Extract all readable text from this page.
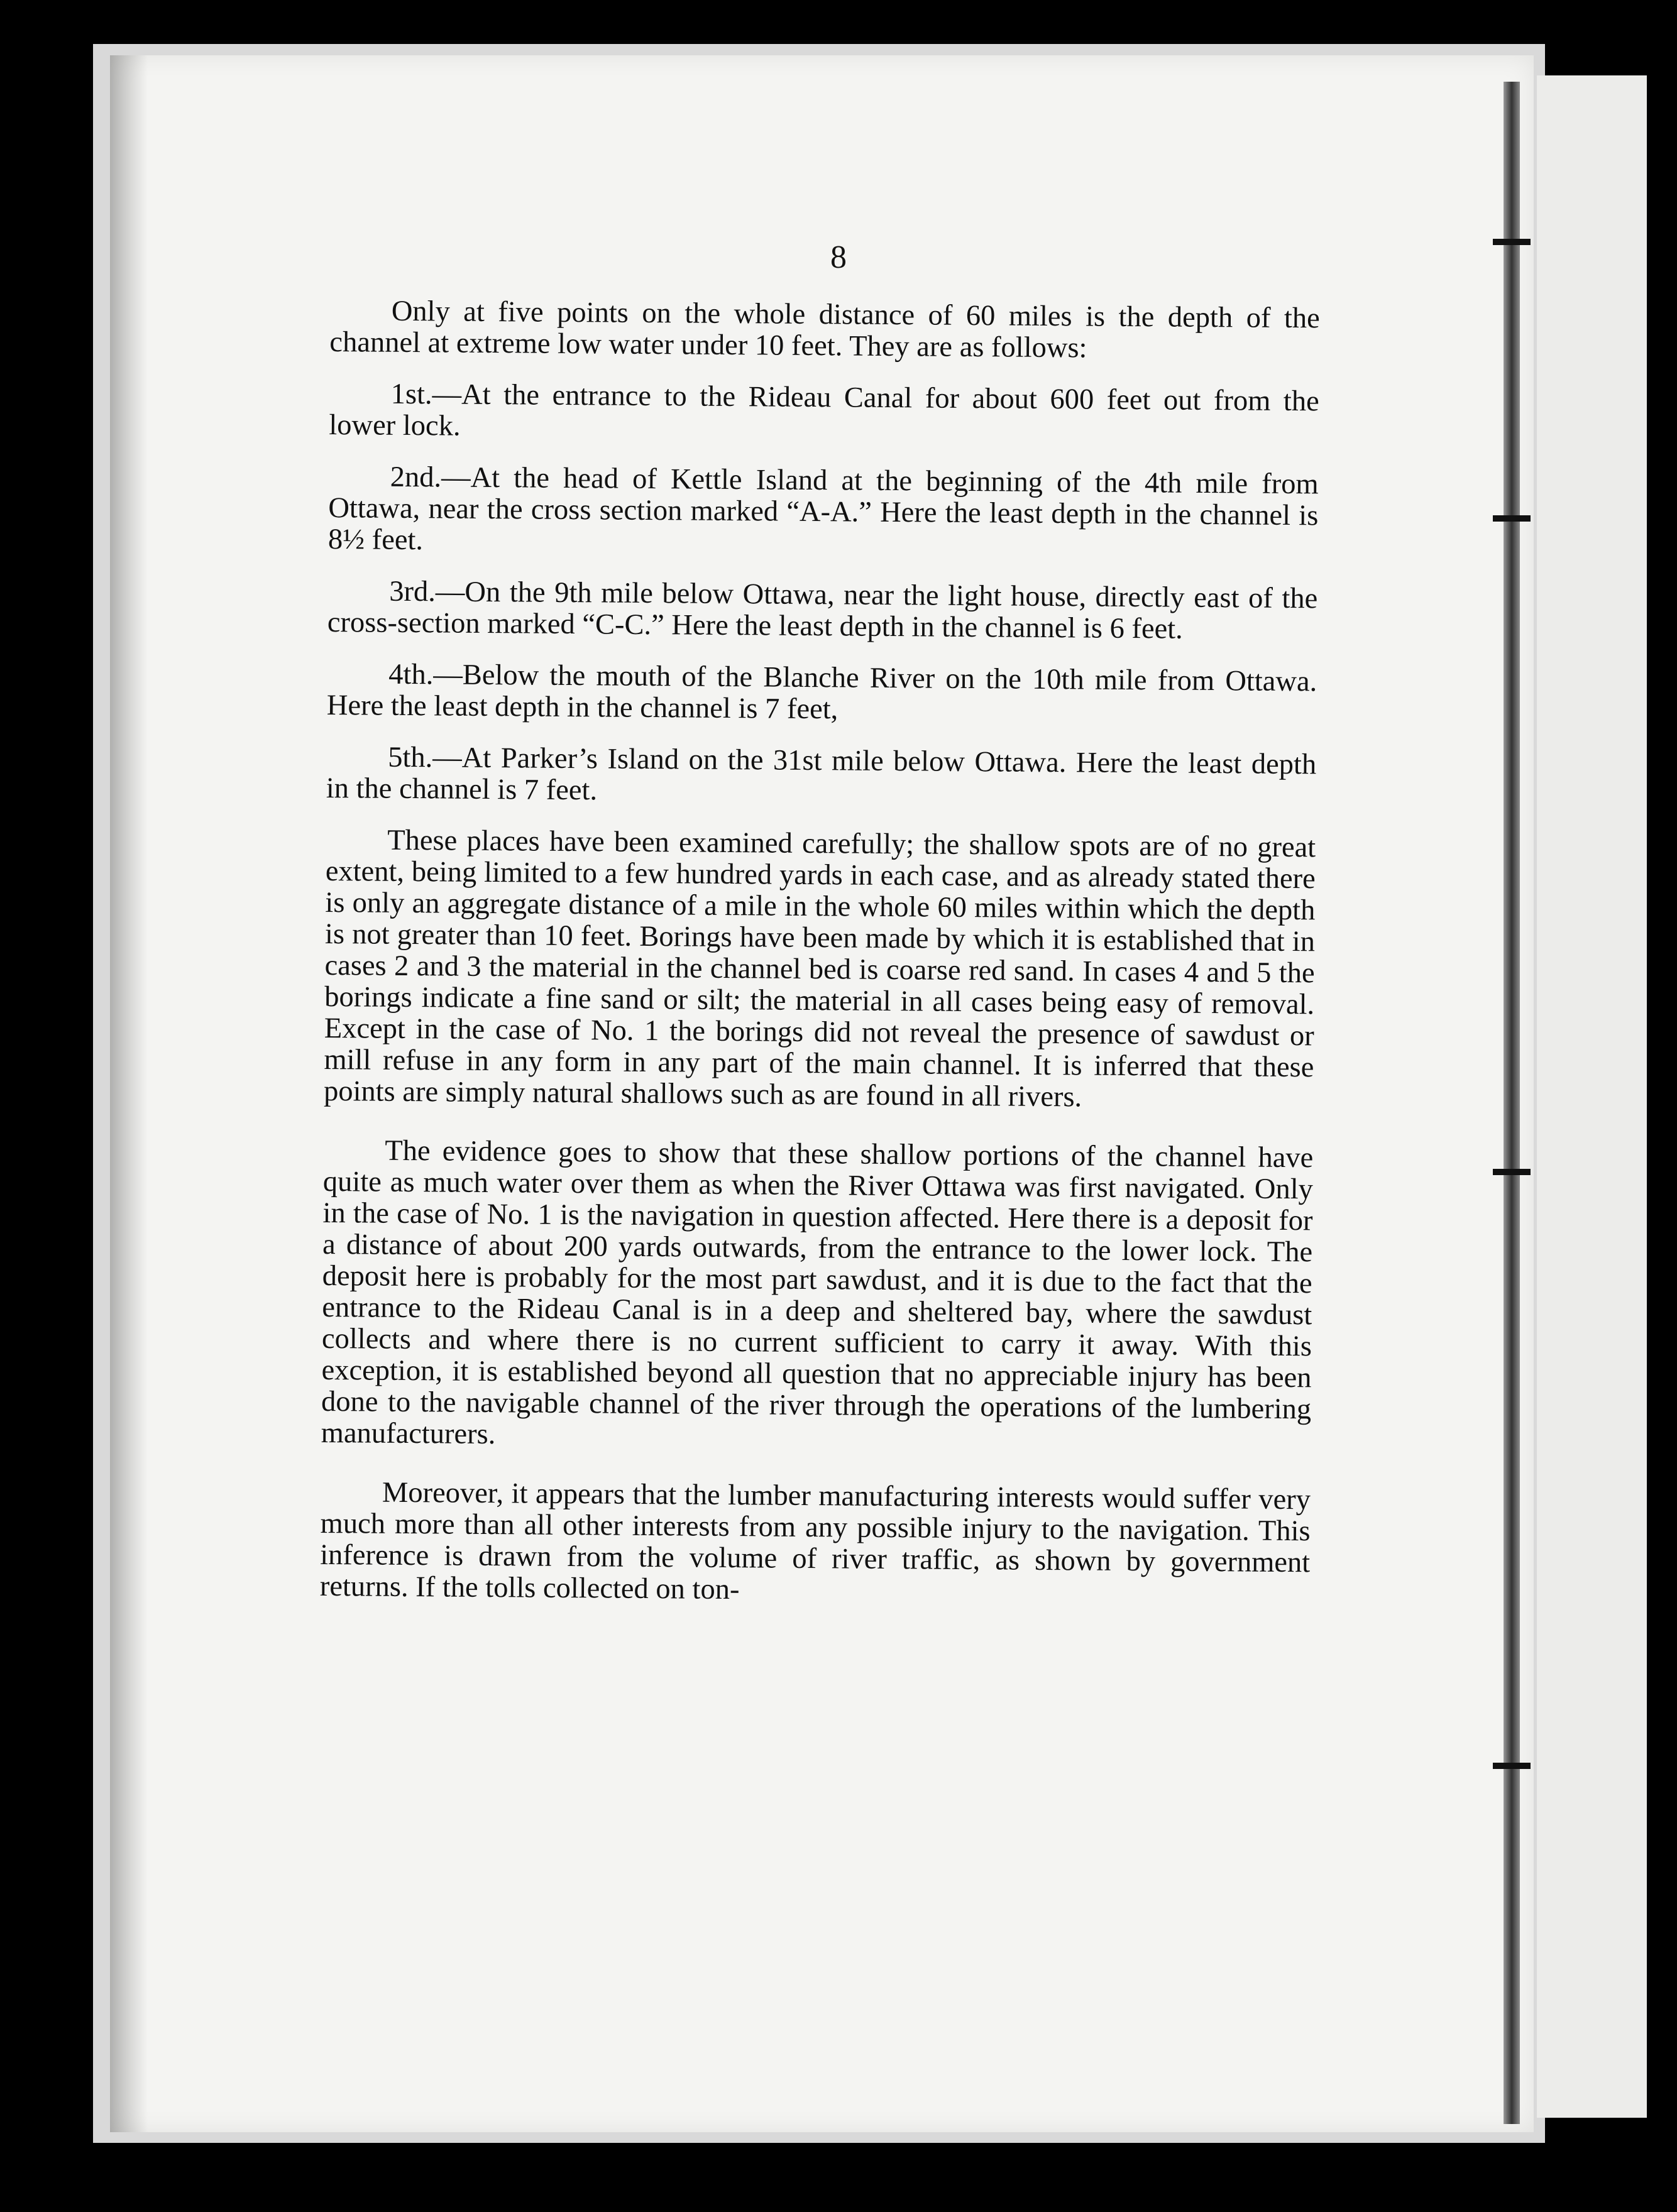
8

Only at five points on the whole distance of 60 miles is the depth of the channel at extreme low water under 10 feet. They are as follows:

1st.—At the entrance to the Rideau Canal for about 600 feet out from the lower lock.

2nd.—At the head of Kettle Island at the beginning of the 4th mile from Ottawa, near the cross section marked “A-A.” Here the least depth in the channel is 8½ feet.

3rd.—On the 9th mile below Ottawa, near the light house, directly east of the cross-section marked “C-C.” Here the least depth in the channel is 6 feet.

4th.—Below the mouth of the Blanche River on the 10th mile from Ottawa. Here the least depth in the channel is 7 feet,

5th.—At Parker’s Island on the 31st mile below Ottawa. Here the least depth in the channel is 7 feet.

These places have been examined carefully; the shallow spots are of no great extent, being limited to a few hundred yards in each case, and as already stated there is only an aggregate distance of a mile in the whole 60 miles within which the depth is not greater than 10 feet. Borings have been made by which it is established that in cases 2 and 3 the material in the channel bed is coarse red sand. In cases 4 and 5 the borings indicate a fine sand or silt; the material in all cases being easy of removal. Except in the case of No. 1 the borings did not reveal the presence of sawdust or mill refuse in any form in any part of the main channel. It is inferred that these points are simply natural shallows such as are found in all rivers.

The evidence goes to show that these shallow portions of the channel have quite as much water over them as when the River Ottawa was first navigated. Only in the case of No. 1 is the navigation in question affected. Here there is a deposit for a distance of about 200 yards outwards, from the entrance to the lower lock. The deposit here is probably for the most part sawdust, and it is due to the fact that the entrance to the Rideau Canal is in a deep and sheltered bay, where the sawdust collects and where there is no current sufficient to carry it away. With this exception, it is established beyond all question that no appreciable injury has been done to the navigable channel of the river through the operations of the lumbering manufacturers.

Moreover, it appears that the lumber manufacturing interests would suffer very much more than all other interests from any possible injury to the navigation. This inference is drawn from the volume of river traffic, as shown by government returns. If the tolls collected on ton-
